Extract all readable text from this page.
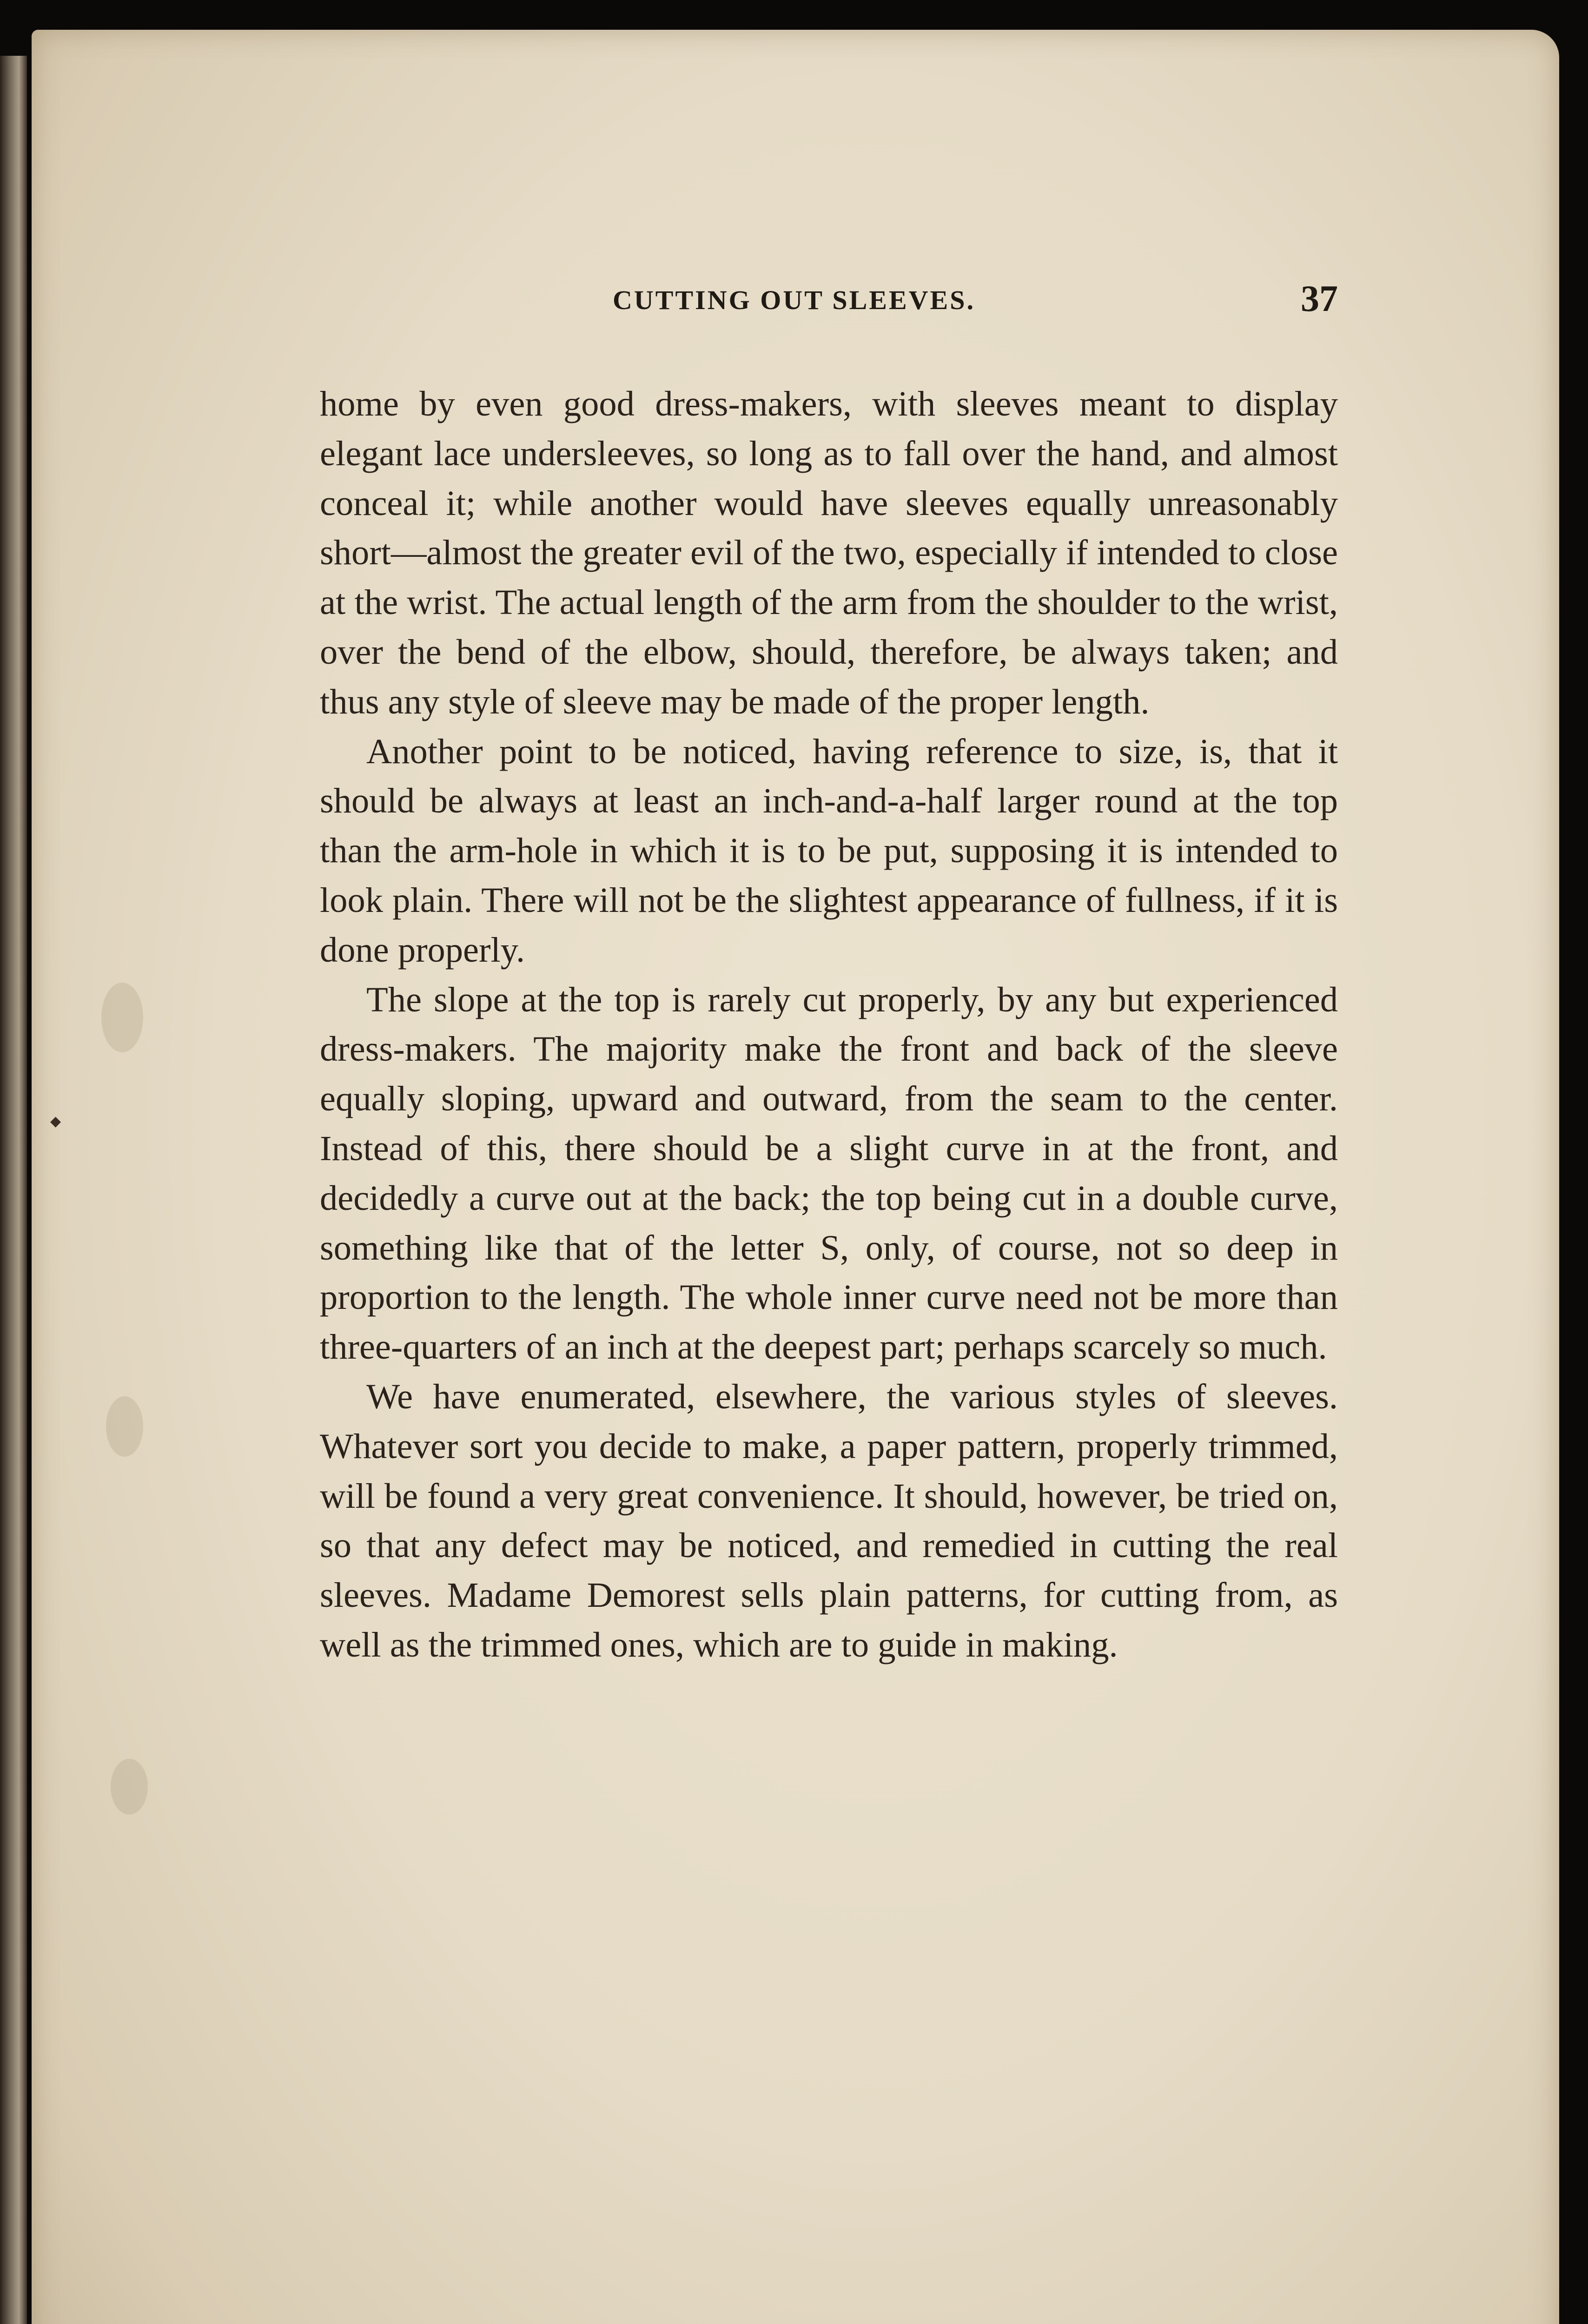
◆
CUTTING OUT SLEEVES.	37

home by even good dress-makers, with sleeves meant to display elegant lace undersleeves, so long as to fall over the hand, and almost conceal it; while another would have sleeves equally unreasonably short—almost the greater evil of the two, especially if intended to close at the wrist. The actual length of the arm from the shoulder to the wrist, over the bend of the elbow, should, therefore, be always taken; and thus any style of sleeve may be made of the proper length.

Another point to be noticed, having reference to size, is, that it should be always at least an inch-and-a-half larger round at the top than the arm-hole in which it is to be put, supposing it is intended to look plain. There will not be the slightest appearance of fullness, if it is done properly.

The slope at the top is rarely cut properly, by any but experienced dress-makers. The majority make the front and back of the sleeve equally sloping, upward and outward, from the seam to the center. Instead of this, there should be a slight curve in at the front, and decidedly a curve out at the back; the top being cut in a double curve, something like that of the letter S, only, of course, not so deep in proportion to the length. The whole inner curve need not be more than three-quarters of an inch at the deepest part; perhaps scarcely so much.

We have enumerated, elsewhere, the various styles of sleeves. Whatever sort you decide to make, a paper pattern, properly trimmed, will be found a very great convenience. It should, however, be tried on, so that any defect may be noticed, and remedied in cutting the real sleeves. Madame Demorest sells plain patterns, for cutting from, as well as the trimmed ones, which are to guide in making.
